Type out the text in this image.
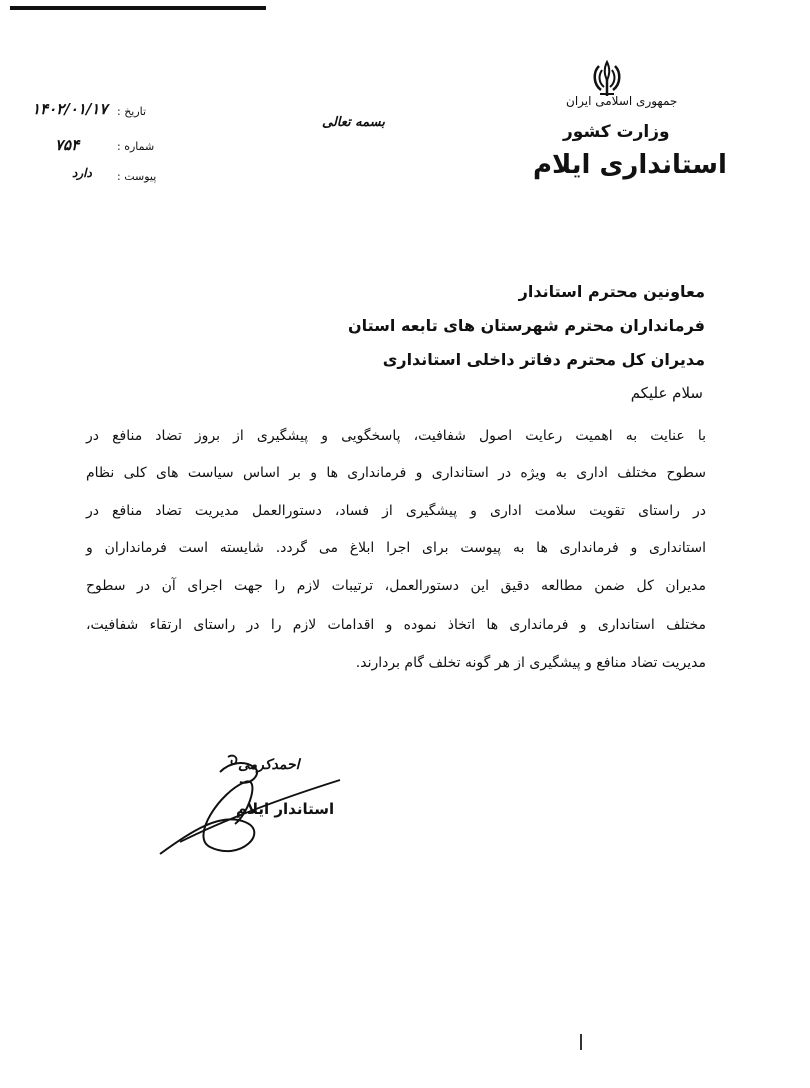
جمهوری اسلامی ایران
وزارت کشور
استانداری ایلام
بسمه تعالی
تاریخ :
۱۴۰۲/۰۱/۱۷
شماره :
۷۵۴
پیوست :
دارد
معاونین محترم استاندار
فرمانداران محترم شهرستان های تابعه استان
مدیران کل محترم دفاتر داخلی استانداری
سلام علیکم
با عنایت به اهمیت رعایت اصول شفافیت، پاسخگویی و پیشگیری از بروز تضاد منافع در
سطوح مختلف اداری به ویژه در استانداری و فرمانداری ها و بر اساس سیاست های کلی نظام
در راستای تقویت سلامت اداری و پیشگیری از فساد، دستورالعمل مدیریت تضاد منافع در
استانداری و فرمانداری ها به پیوست برای اجرا ابلاغ می گردد. شایسته است فرمانداران و
مدیران کل ضمن مطالعه دقیق این دستورالعمل، ترتیبات لازم را جهت اجرای آن در سطوح
مختلف استانداری و فرمانداری ها اتخاذ نموده و اقدامات لازم را در راستای ارتقاء شفافیت،
مدیریت تضاد منافع و پیشگیری از هر گونه تخلف گام بردارند.
احمدکرمی
استاندار ایلام
